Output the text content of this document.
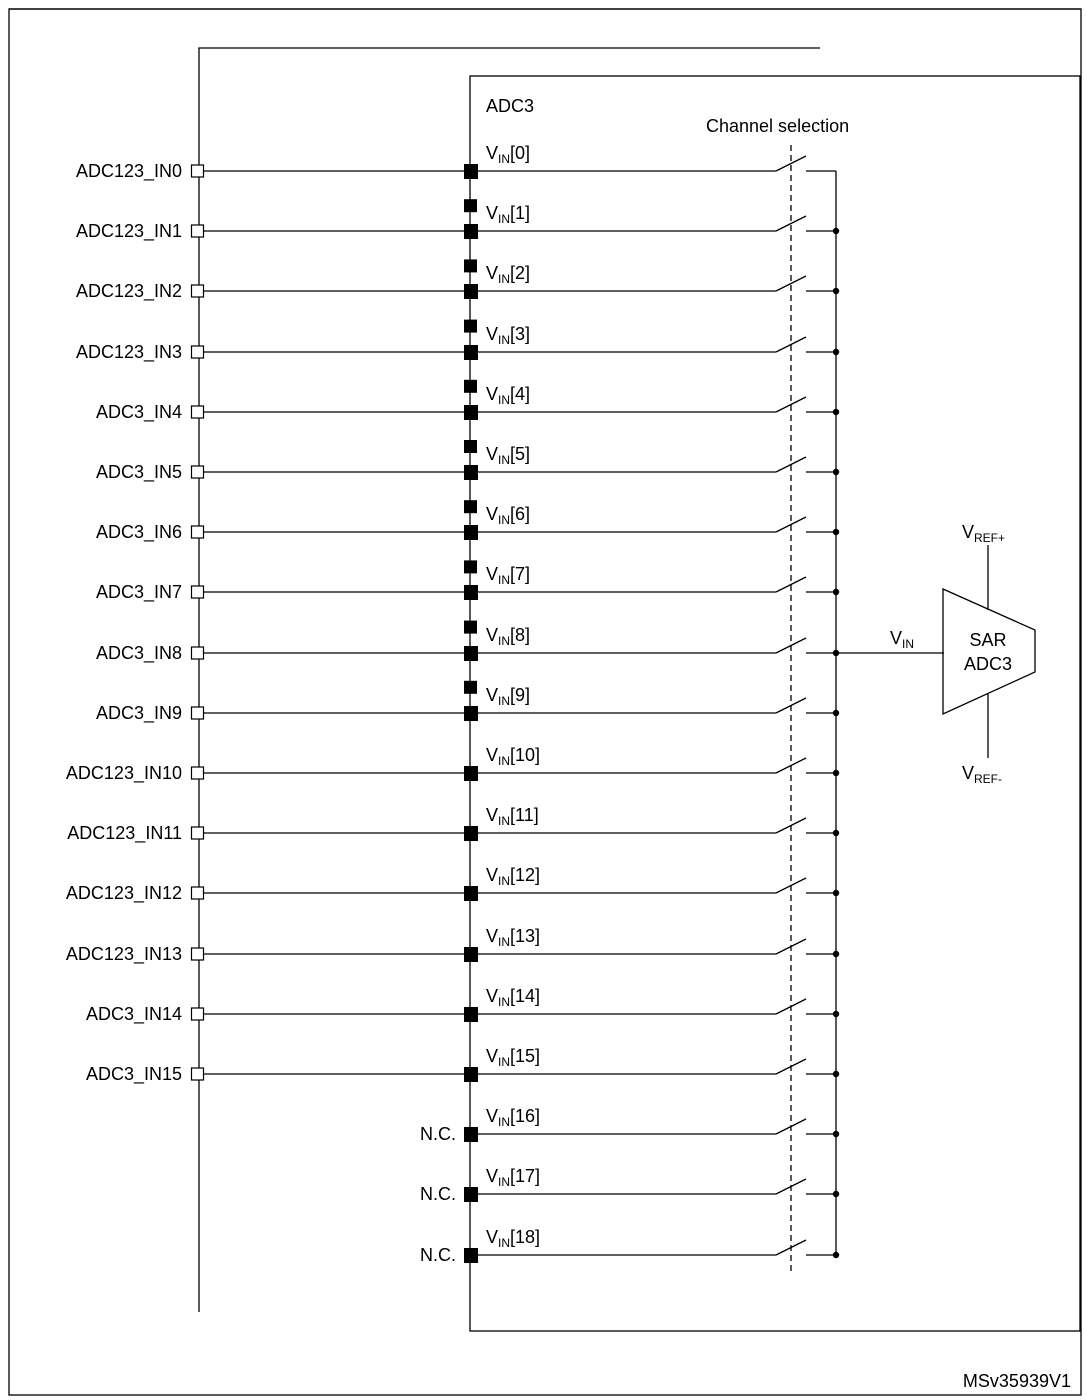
ADC3
Channel selection
$V_{IN}$	SAR
ADC3
$V_{REF+}$
$V_{REF-}$
ADC123_IN0
$V_{IN}[0]$
ADC123_IN1
$V_{IN}[1]$
ADC123_IN2
$V_{IN}[2]$
ADC123_IN3
$V_{IN}[3]$
ADC3_IN4
$V_{IN}[4]$
ADC3_IN5
$V_{IN}[5]$
ADC3_IN6
$V_{IN}[6]$
ADC3_IN7
$V_{IN}[7]$
ADC3_IN8
$V_{IN}[8]$
ADC3_IN9
$V_{IN}[9]$
ADC123_IN10
$V_{IN}[10]$
ADC123_IN11
$V_{IN}[11]$
ADC123_IN12
$V_{IN}[12]$
ADC123_IN13
$V_{IN}[13]$
ADC3_IN14
$V_{IN}[14]$
ADC3_IN15
$V_{IN}[15]$
N.C.
$V_{IN}[16]$
N.C.
$V_{IN}[17]$
N.C.
$V_{IN}[18]$
MSv35939V1
